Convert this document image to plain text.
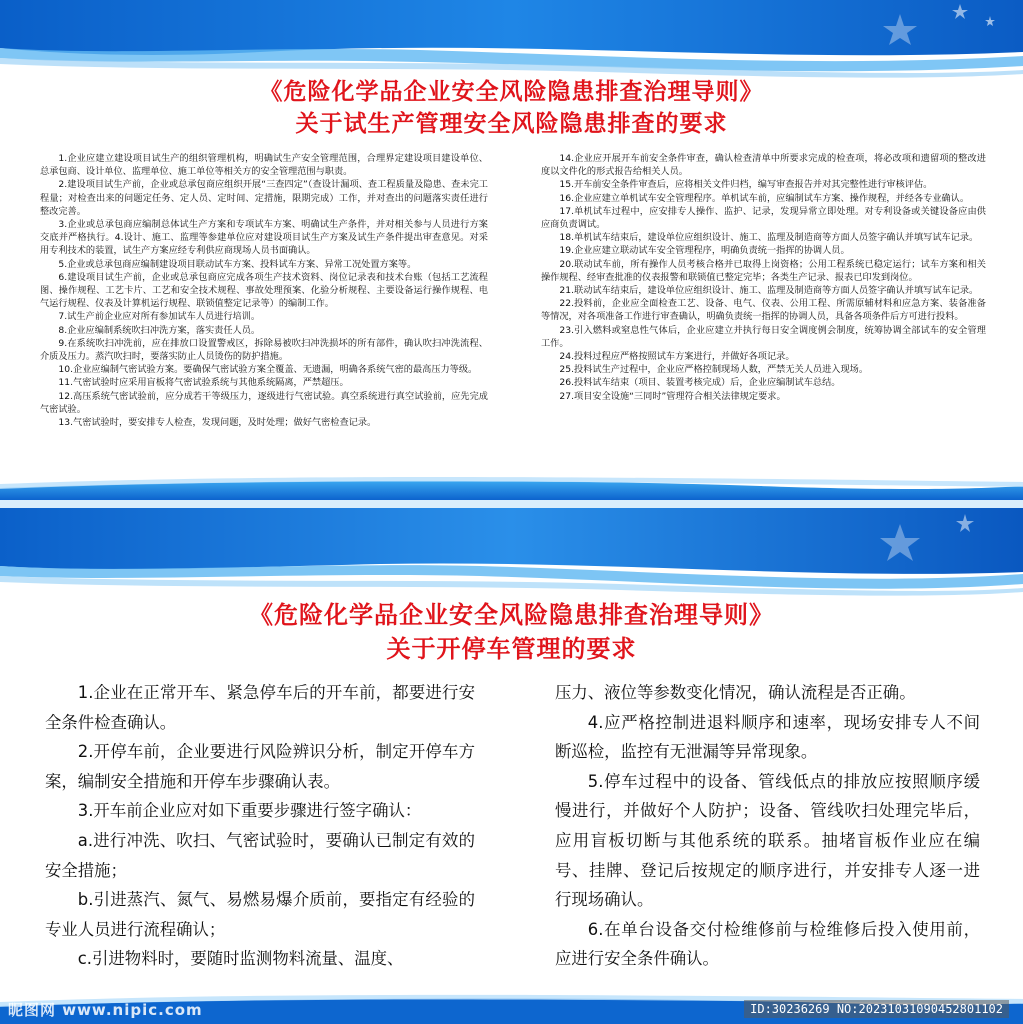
《危险化学品企业安全风险隐患排查治理导则》
关于试生产管理安全风险隐患排查的要求

1.企业应建立建设项目试生产的组织管理机构，明确试生产安全管理范围，合理界定建设项目建设单位、总承包商、设计单位、监理单位、施工单位等相关方的安全管理范围与职责。

2.建设项目试生产前，企业或总承包商应组织开展“三查四定”（查设计漏项、查工程质量及隐患、查未完工程量；对检查出来的问题定任务、定人员、定时间、定措施，限期完成）工作，并对查出的问题落实责任进行整改完善。

3.企业或总承包商应编制总体试生产方案和专项试车方案、明确试生产条件，并对相关参与人员进行方案交底并严格执行。4.设计、施工、监理等参建单位应对建设项目试生产方案及试生产条件提出审查意见。对采用专利技术的装置，试生产方案应经专利供应商现场人员书面确认。

5.企业或总承包商应编制建设项目联动试车方案、投料试车方案、异常工况处置方案等。

6.建设项目试生产前，企业或总承包商应完成各项生产技术资料、岗位记录表和技术台账（包括工艺流程图、操作规程、工艺卡片、工艺和安全技术规程、事故处理预案、化验分析规程、主要设备运行操作规程、电气运行规程、仪表及计算机运行规程、联锁值整定记录等）的编制工作。

7.试生产前企业应对所有参加试车人员进行培训。

8.企业应编制系统吹扫冲洗方案，落实责任人员。

9.在系统吹扫冲洗前，应在排放口设置警戒区，拆除易被吹扫冲洗损坏的所有部件，确认吹扫冲洗流程、介质及压力。蒸汽吹扫时，要落实防止人员烫伤的防护措施。

10.企业应编制气密试验方案。要确保气密试验方案全覆盖、无遗漏，明确各系统气密的最高压力等级。

11.气密试验时应采用盲板将气密试验系统与其他系统隔离，严禁超压。

12.高压系统气密试验前，应分成若干等级压力，逐级进行气密试验。真空系统进行真空试验前，应先完成气密试验。

13.气密试验时，要安排专人检查，发现问题，及时处理；做好气密检查记录。

14.企业应开展开车前安全条件审查，确认检查清单中所要求完成的检查项，将必改项和遗留项的整改进度以文件化的形式报告给相关人员。

15.开车前安全条件审查后，应将相关文件归档，编写审查报告并对其完整性进行审核评估。

16.企业应建立单机试车安全管理程序。单机试车前，应编制试车方案、操作规程，并经各专业确认。

17.单机试车过程中，应安排专人操作、监护、记录，发现异常立即处理。对专利设备或关键设备应由供应商负责调试。

18.单机试车结束后，建设单位应组织设计、施工、监理及制造商等方面人员签字确认并填写试车记录。

19.企业应建立联动试车安全管理程序，明确负责统一指挥的协调人员。

20.联动试车前，所有操作人员考核合格并已取得上岗资格；公用工程系统已稳定运行；试车方案和相关操作规程、经审查批准的仪表报警和联锁值已整定完毕；各类生产记录、报表已印发到岗位。

21.联动试车结束后，建设单位应组织设计、施工、监理及制造商等方面人员签字确认并填写试车记录。

22.投料前，企业应全面检查工艺、设备、电气、仪表、公用工程、所需原辅材料和应急方案、装备准备等情况，对各项准备工作进行审查确认，明确负责统一指挥的协调人员，具备各项条件后方可进行投料。

23.引入燃料或窒息性气体后，企业应建立并执行每日安全调度例会制度，统筹协调全部试车的安全管理工作。

24.投料过程应严格按照试车方案进行，并做好各项记录。

25.投料试生产过程中，企业应严格控制现场人数，严禁无关人员进入现场。

26.投料试车结束（项目、装置考核完成）后，企业应编制试车总结。

27.项目安全设施“三同时”管理符合相关法律规定要求。

《危险化学品企业安全风险隐患排查治理导则》
关于开停车管理的要求

1.企业在正常开车、紧急停车后的开车前，都要进行安全条件检查确认。

2.开停车前，企业要进行风险辨识分析，制定开停车方案，编制安全措施和开停车步骤确认表。

3.开车前企业应对如下重要步骤进行签字确认：

a.进行冲洗、吹扫、气密试验时，要确认已制定有效的安全措施；

b.引进蒸汽、氮气、易燃易爆介质前，要指定有经验的专业人员进行流程确认；

c.引进物料时，要随时监测物料流量、温度、

压力、液位等参数变化情况，确认流程是否正确。

4.应严格控制进退料顺序和速率，现场安排专人不间断巡检，监控有无泄漏等异常现象。

5.停车过程中的设备、管线低点的排放应按照顺序缓慢进行，并做好个人防护；设备、管线吹扫处理完毕后，应用盲板切断与其他系统的联系。抽堵盲板作业应在编号、挂牌、登记后按规定的顺序进行，并安排专人逐一进行现场确认。

6.在单台设备交付检维修前与检维修后投入使用前，应进行安全条件确认。

昵图网 www.nipic.com	ID:30236269 NO:20231031090452801102
